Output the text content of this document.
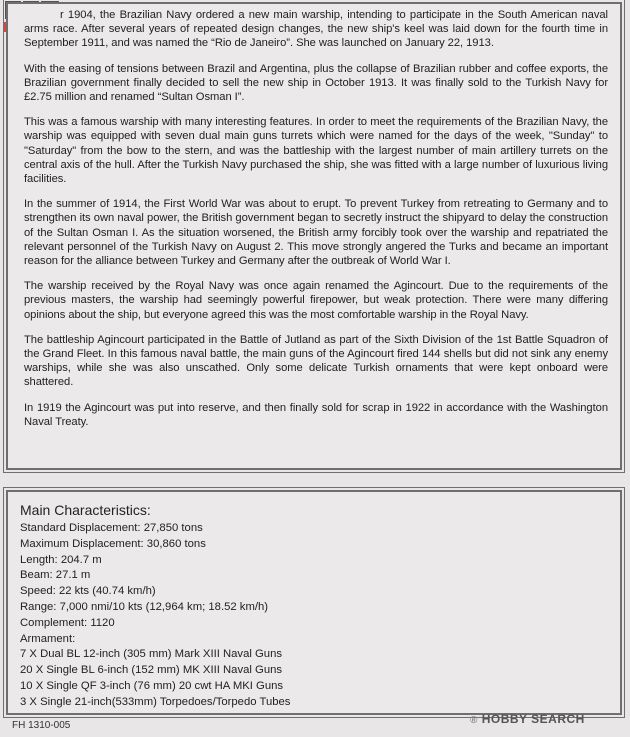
r 1904, the Brazilian Navy ordered a new main warship, intending to participate in the South American naval arms race. After several years of repeated design changes, the new ship's keel was laid down for the fourth time in September 1911, and was named the “Rio de Janeiro”. She was launched on January 22, 1913.

With the easing of tensions between Brazil and Argentina, plus the collapse of Brazilian rubber and coffee exports, the Brazilian government finally decided to sell the new ship in October 1913. It was finally sold to the Turkish Navy for £2.75 million and renamed “Sultan Osman I”.

This was a famous warship with many interesting features. In order to meet the requirements of the Brazilian Navy, the warship was equipped with seven dual main guns turrets which were named for the days of the week, "Sunday" to "Saturday" from the bow to the stern, and was the battleship with the largest number of main artillery turrets on the central axis of the hull. After the Turkish Navy purchased the ship, she was fitted with a large number of luxurious living facilities.

In the summer of 1914, the First World War was about to erupt. To prevent Turkey from retreating to Germany and to strengthen its own naval power, the British government began to secretly instruct the shipyard to delay the construction of the Sultan Osman I. As the situation worsened, the British army forcibly took over the warship and repatriated the relevant personnel of the Turkish Navy on August 2. This move strongly angered the Turks and became an important reason for the alliance between Turkey and Germany after the outbreak of World War I.

The warship received by the Royal Navy was once again renamed the Agincourt. Due to the requirements of the previous masters, the warship had seemingly powerful firepower, but weak protection. There were many differing opinions about the ship, but everyone agreed this was the most comfortable warship in the Royal Navy.

The battleship Agincourt participated in the Battle of Jutland as part of the Sixth Division of the 1st Battle Squadron of the Grand Fleet. In this famous naval battle, the main guns of the Agincourt fired 144 shells but did not sink any enemy warships, while she was also unscathed. Only some delicate Turkish ornaments that were kept onboard were shattered.

In 1919 the Agincourt was put into reserve, and then finally sold for scrap in 1922 in accordance with the Washington Naval Treaty.

Main Characteristics:

Standard Displacement: 27,850 tons

Maximum Displacement: 30,860 tons

Length: 204.7 m

Beam: 27.1 m

Speed: 22 kts (40.74 km/h)

Range: 7,000 nmi/10 kts (12,964 km; 18.52 km/h)

Complement: 1120

Armament:

7 X Dual BL 12-inch (305 mm) Mark XIII Naval Guns

20 X Single BL 6-inch (152 mm) MK XIII Naval Guns

10 X Single QF 3-inch (76 mm) 20 cwt HA MKI Guns

3 X Single 21-inch(533mm) Torpedoes/Torpedo Tubes

FH 1310-005	® HOBBY SEARCH
